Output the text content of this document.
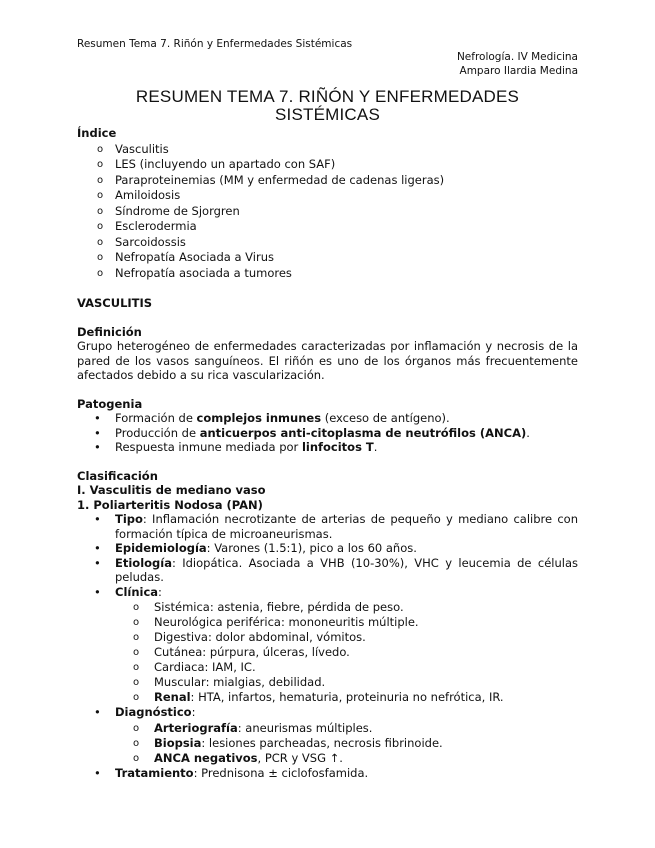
Resumen Tema 7. Riñón y Enfermedades Sistémicas
Nefrología. IV Medicina
Amparo Ilardia Medina
RESUMEN TEMA 7. RIÑÓN Y ENFERMEDADES
SISTÉMICAS
Índice
o Vasculitis
o LES (incluyendo un apartado con SAF)
o Paraproteinemias (MM y enfermedad de cadenas ligeras)
o Amiloidosis
o Síndrome de Sjorgren
o Esclerodermia
o Sarcoidossis
o Nefropatía Asociada a Virus
o Nefropatía asociada a tumores
VASCULITIS
Definición

Grupo heterogéneo de enfermedades caracterizadas por inflamación y necrosis de la pared de los vasos sanguíneos. El riñón es uno de los órganos más frecuentemente afectados debido a su rica vascularización.

Patogenia
• Formación de complejos inmunes (exceso de antígeno).
• Producción de anticuerpos anti-citoplasma de neutrófilos (ANCA).
• Respuesta inmune mediada por linfocitos T.
Clasificación
I. Vasculitis de mediano vaso
1. Poliarteritis Nodosa (PAN)
• Tipo: Inflamación necrotizante de arterias de pequeño y mediano calibre con formación típica de microaneurismas.
• Epidemiología: Varones (1.5:1), pico a los 60 años.
• Etiología: Idiopática. Asociada a VHB (10-30%), VHC y leucemia de células peludas.
• Clínica:
o Sistémica: astenia, fiebre, pérdida de peso.
o Neurológica periférica: mononeuritis múltiple.
o Digestiva: dolor abdominal, vómitos.
o Cutánea: púrpura, úlceras, lívedo.
o Cardiaca: IAM, IC.
o Muscular: mialgias, debilidad.
o Renal: HTA, infartos, hematuria, proteinuria no nefrótica, IR.
• Diagnóstico:
o Arteriografía: aneurismas múltiples.
o Biopsia: lesiones parcheadas, necrosis fibrinoide.
o ANCA negativos, PCR y VSG ↑.
• Tratamiento: Prednisona ± ciclofosfamida.
